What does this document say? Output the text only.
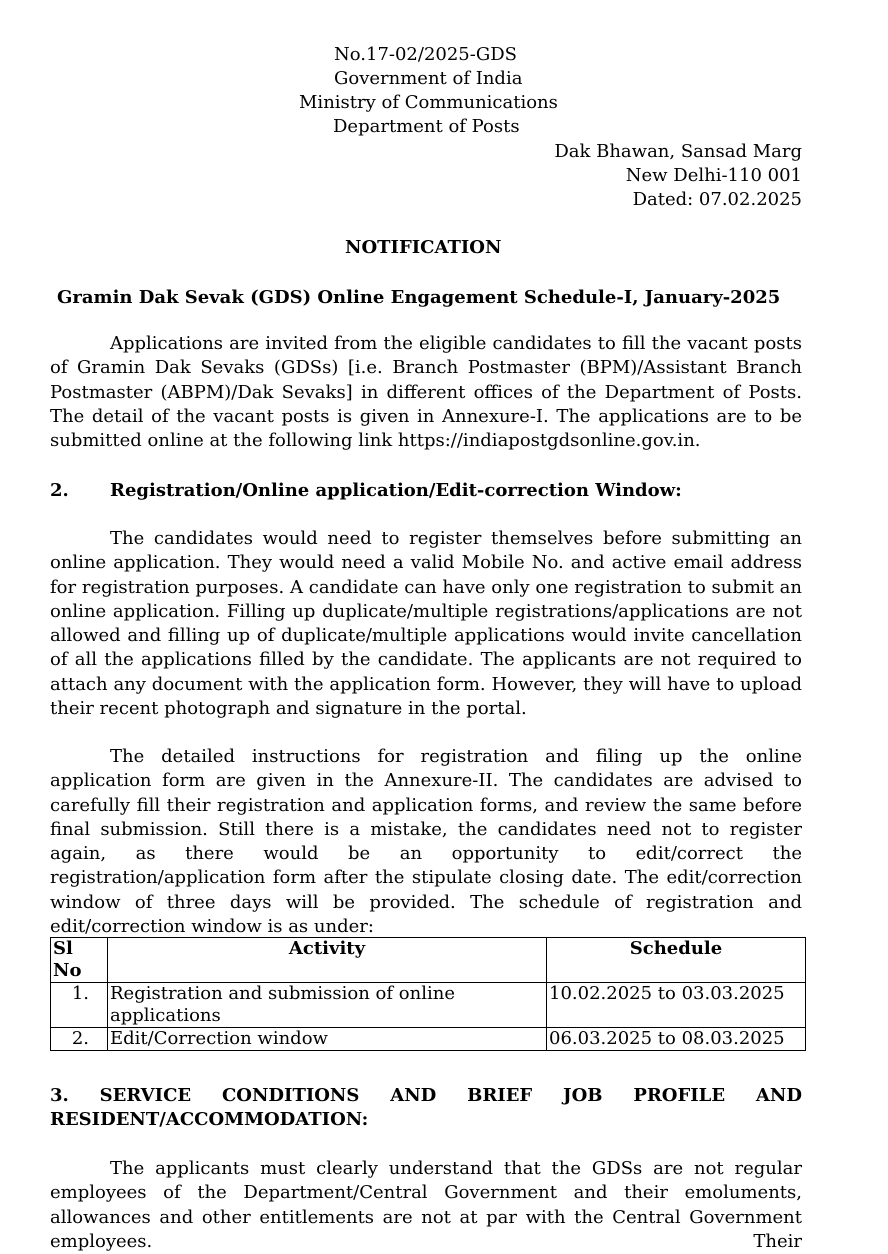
No.17-02/2025-GDS
Government of India
Ministry of Communications
Department of Posts
Dak Bhawan, Sansad Marg
New Delhi-110 001
Dated: 07.02.2025
NOTIFICATION
Gramin Dak Sevak (GDS) Online Engagement Schedule-I, January-2025

Applications are invited from the eligible candidates to fill the vacant posts of Gramin Dak Sevaks (GDSs) [i.e. Branch Postmaster (BPM)/Assistant Branch Postmaster (ABPM)/Dak Sevaks] in different offices of the Department of Posts. The detail of the vacant posts is given in Annexure-I. The applications are to be submitted online at the following link https://indiapostgdsonline.gov.in.

2. Registration/Online application/Edit-correction Window:

The candidates would need to register themselves before submitting an online application. They would need a valid Mobile No. and active email address for registration purposes. A candidate can have only one registration to submit an online application. Filling up duplicate/multiple registrations/applications are not allowed and filling up of duplicate/multiple applications would invite cancellation of all the applications filled by the candidate. The applicants are not required to attach any document with the application form. However, they will have to upload their recent photograph and signature in the portal.

The detailed instructions for registration and filing up the online application form are given in the Annexure-II. The candidates are advised to carefully fill their registration and application forms, and review the same before final submission. Still there is a mistake, the candidates need not to register again, as there would be an opportunity to edit/correct the registration/application form after the stipulate closing date. The edit/correction window of three days will be provided. The schedule of registration and edit/correction window is as under:

Sl No	Activity	Schedule
1.	Registration and submission of online applications	10.02.2025 to 03.03.2025
2.	Edit/Correction window	06.03.2025 to 08.03.2025
3. SERVICE CONDITIONS AND BRIEF JOB PROFILE AND
RESIDENT/ACCOMMODATION:

The applicants must clearly understand that the GDSs are not regular employees of the Department/Central Government and their emoluments, allowances and other entitlements are not at par with the Central Government employees. Their
